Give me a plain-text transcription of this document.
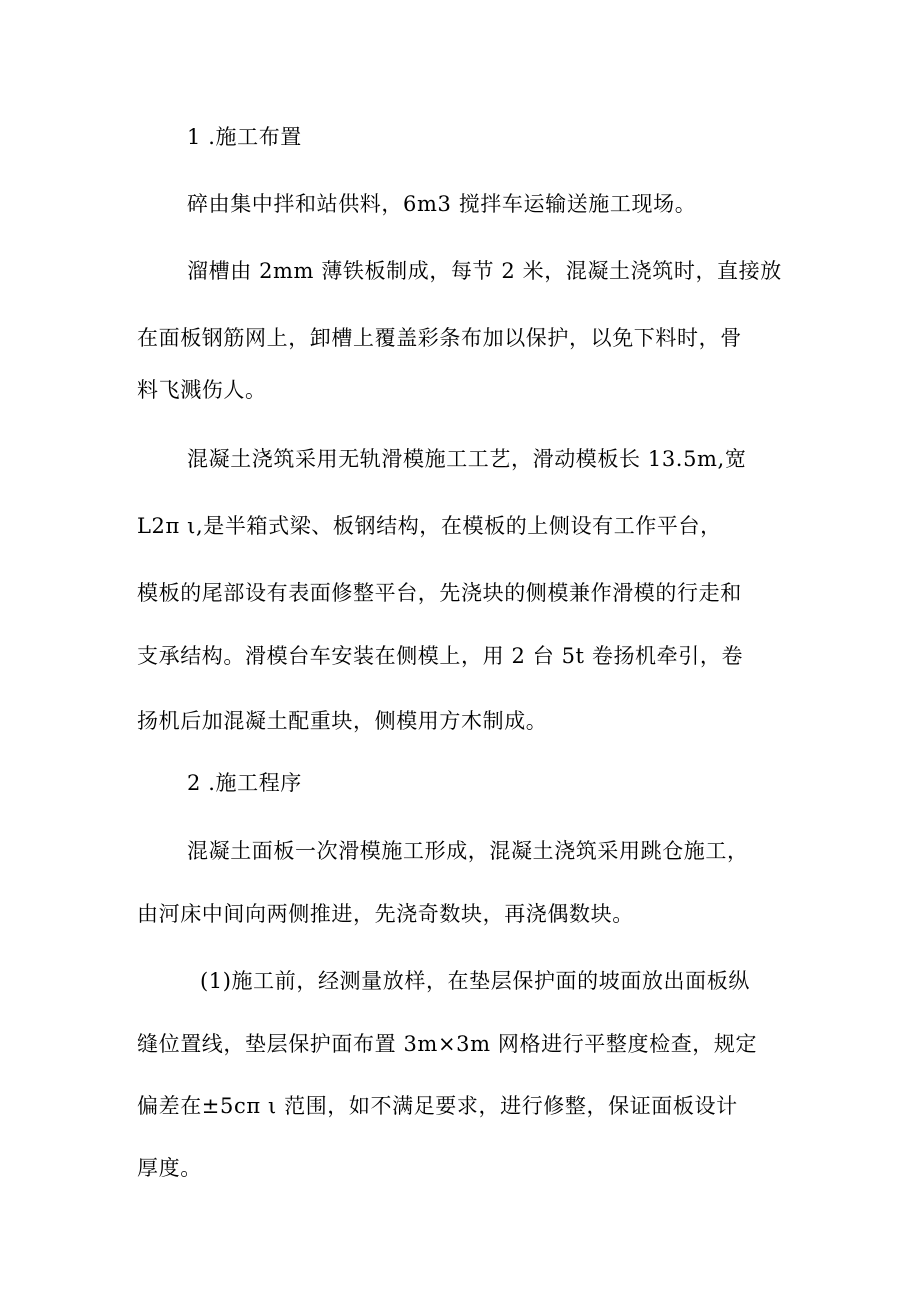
1 .施工布置
碎由集中拌和站供料，6m3 搅拌车运输送施工现场。
溜槽由 2mm 薄铁板制成，每节 2 米，混凝土浇筑时，直接放
在面板钢筋网上，卸槽上覆盖彩条布加以保护，以免下料时，骨
料飞溅伤人。
混凝土浇筑采用无轨滑模施工工艺，滑动模板长 13.5m,宽
L2π ι,是半箱式梁、板钢结构，在模板的上侧设有工作平台，
模板的尾部设有表面修整平台，先浇块的侧模兼作滑模的行走和
支承结构。滑模台车安装在侧模上，用 2 台 5t 卷扬机牵引，卷
扬机后加混凝土配重块，侧模用方木制成。
2 .施工程序
混凝土面板一次滑模施工形成，混凝土浇筑采用跳仓施工，
由河床中间向两侧推进，先浇奇数块，再浇偶数块。
(1)施工前，经测量放样，在垫层保护面的坡面放出面板纵
缝位置线，垫层保护面布置 3m×3m 网格进行平整度检查，规定
偏差在±5cπ ι 范围，如不满足要求，进行修整，保证面板设计
厚度。
